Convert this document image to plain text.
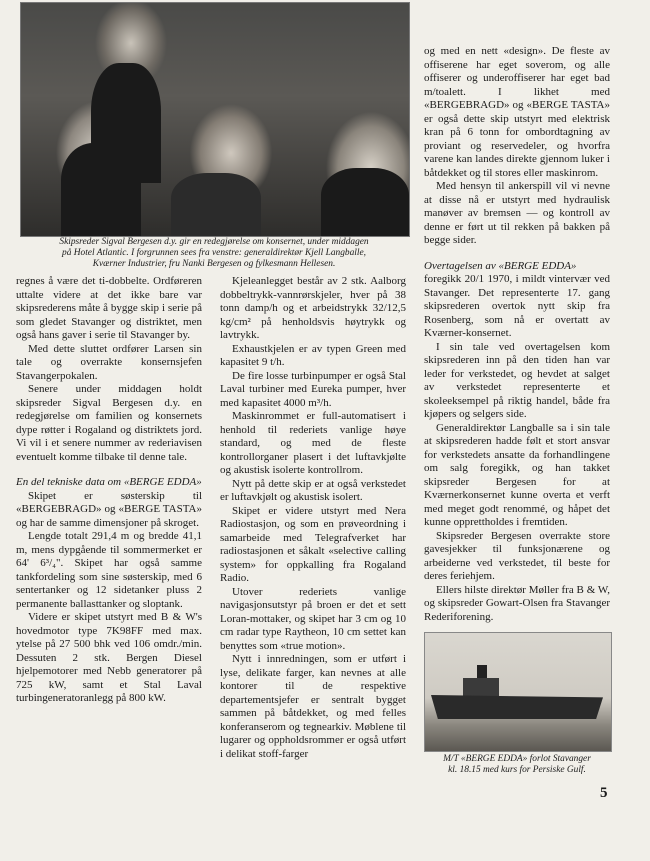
Skipsreder Sigval Bergesen d.y. gir en redegjørelse om konsernet, under middagen
på Hotel Atlantic. I forgrunnen sees fra venstre: generaldirektør Kjell Langballe,
Kværner Industrier, fru Nanki Bergesen og fylkesmann Hellesen.

regnes å være det ti-dobbelte. Ordføreren uttalte videre at det ikke bare var skipsrederens måte å bygge skip i serie på som gledet Stavanger og distriktet, men også hans gaver i serie til Stavanger by.

Med dette sluttet ordfører Larsen sin tale og overrakte konsernsjefen Stavangerpokalen.

Senere under middagen holdt skipsreder Sigval Bergesen d.y. en redegjørelse om familien og konsernets dype røtter i Rogaland og distriktets jord. Vi vil i et senere nummer av rederiavisen eventuelt komme tilbake til denne tale.

En del tekniske data om «BERGE EDDA»

Skipet er søsterskip til «BERGEBRAGD» og «BERGE TASTA» og har de samme dimensjoner på skroget.

Lengde totalt 291,4 m og bredde 41,1 m, mens dypgående til sommermerket er 64' 6³/₄". Skipet har også samme tankfordeling som sine søsterskip, med 6 sentertanker og 12 sidetanker pluss 2 permanente ballasttanker og sloptank.

Videre er skipet utstyrt med B & W's hovedmotor type 7K98FF med max. ytelse på 27 500 bhk ved 106 omdr./min. Dessuten 2 stk. Bergen Diesel hjelpemotorer med Nebb generatorer på 725 kW, samt et Stal Laval turbingeneratoranlegg på 800 kW.

Kjeleanlegget består av 2 stk. Aalborg dobbeltrykk-vannrørskjeler, hver på 38 tonn damp/h og et arbeidstrykk 32/12,5 kg/cm² på henholdsvis høytrykk og lavtrykk.

Exhaustkjelen er av typen Green med kapasitet 9 t/h.

De fire losse turbinpumper er også Stal Laval turbiner med Eureka pumper, hver med kapasitet 4000 m³/h.

Maskinrommet er full-automatisert i henhold til rederiets vanlige høye standard, og med de fleste kontrollorganer plasert i det luftavkjølte og akustisk isolerte kontrollrom.

Nytt på dette skip er at også verkstedet er luftavkjølt og akustisk isolert.

Skipet er videre utstyrt med Nera Radiostasjon, og som en prøveordning i samarbeide med Telegrafverket har radiostasjonen et såkalt «selective calling system» for oppkalling fra Rogaland Radio.

Utover rederiets vanlige navigasjonsutstyr på broen er det et sett Loran-mottaker, og skipet har 3 cm og 10 cm radar type Raytheon, 10 cm settet kan benyttes som «true motion».

Nytt i innredningen, som er utført i lyse, delikate farger, kan nevnes at alle kontorer til de respektive departementsjefer er sentralt bygget sammen på båtdekket, og med felles konferanserom og tegnearkiv. Møblene til lugarer og oppholdsrommer er også utført i delikat stoff-farger

og med en nett «design». De fleste av offiserene har eget soverom, og alle offiserer og underoffiserer har eget bad m/toalett. I likhet med «BERGEBRAGD» og «BERGE TASTA» er også dette skip utstyrt med elektrisk kran på 6 tonn for ombordtagning av proviant og reservedeler, og hvorfra varene kan landes direkte gjennom luker i båtdekket og til stores eller maskinrom.

Med hensyn til ankerspill vil vi nevne at disse nå er utstyrt med hydraulisk manøver av bremsen — og kontroll av denne er ført ut til rekken på bakken på begge sider.

Overtagelsen av «BERGE EDDA»

foregikk 20/1 1970, i mildt vintervær ved Stavanger. Det representerte 17. gang skipsrederen overtok nytt skip fra Rosenberg, som nå er overtatt av Kværner-konsernet.

I sin tale ved overtagelsen kom skipsrederen inn på den tiden han var leder for verkstedet, og hevdet at salget av verkstedet representerte et skoleeksempel på riktig handel, både fra kjøpers og selgers side.

Generaldirektør Langballe sa i sin tale at skipsrederen hadde følt et stort ansvar for verkstedets ansatte da forhandlingene om salg foregikk, og han takket skipsreder Bergesen for at Kværnerkonsernet kunne overta et verft med meget godt renommé, og håpet det kunne opprettholdes i fremtiden.

Skipsreder Bergesen overrakte store gavesjekker til funksjonærene og arbeiderne ved verkstedet, til beste for deres feriehjem.

Ellers hilste direktør Møller fra B & W, og skipsreder Gowart-Olsen fra Stavanger Rederiforening.

M/T «BERGE EDDA» forlot Stavanger
kl. 18.15 med kurs for Persiske Gulf.
5
